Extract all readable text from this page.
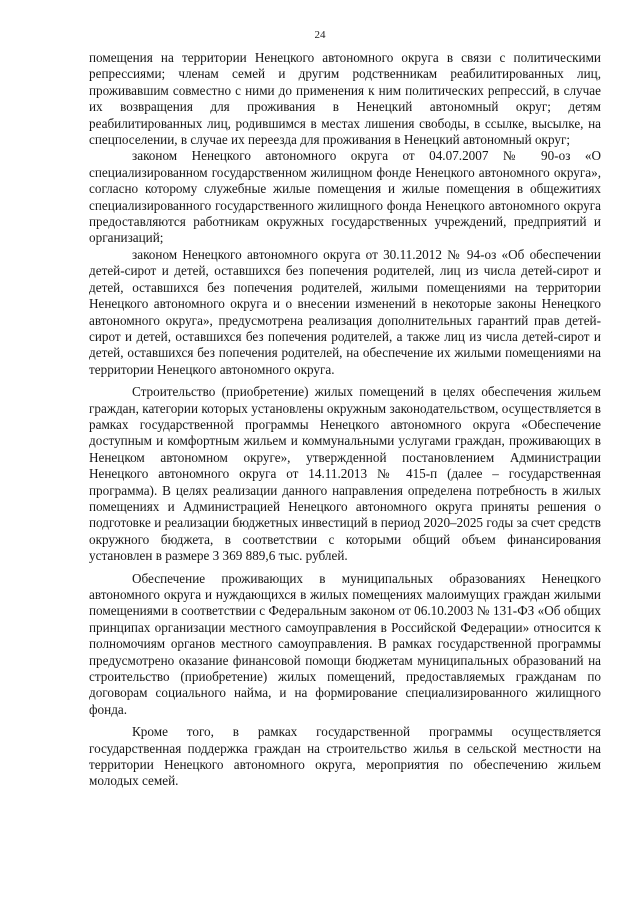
24

помещения на территории Ненецкого автономного округа в связи с политическими репрессиями; членам семей и другим родственникам реабилитированных лиц, проживавшим совместно с ними до применения к ним политических репрессий, в случае их возвращения для проживания в Ненецкий автономный округ; детям реабилитированных лиц, родившимся в местах лишения свободы, в ссылке, высылке, на спецпоселении, в случае их переезда для проживания в Ненецкий автономный округ;

законом Ненецкого автономного округа от 04.07.2007 № 90-оз «О специализированном государственном жилищном фонде Ненецкого автономного округа», согласно которому служебные жилые помещения и жилые помещения в общежитиях специализированного государственного жилищного фонда Ненецкого автономного округа предоставляются работникам окружных государственных учреждений, предприятий и организаций;

законом Ненецкого автономного округа от 30.11.2012 № 94-оз «Об обеспечении детей-сирот и детей, оставшихся без попечения родителей, лиц из числа детей-сирот и детей, оставшихся без попечения родителей, жилыми помещениями на территории Ненецкого автономного округа и о внесении изменений в некоторые законы Ненецкого автономного округа», предусмотрена реализация дополнительных гарантий прав детей-сирот и детей, оставшихся без попечения родителей, а также лиц из числа детей-сирот и детей, оставшихся без попечения родителей, на обеспечение их жилыми помещениями на территории Ненецкого автономного округа.

Строительство (приобретение) жилых помещений в целях обеспечения жильем граждан, категории которых установлены окружным законодательством, осуществляется в рамках государственной программы Ненецкого автономного округа «Обеспечение доступным и комфортным жильем и коммунальными услугами граждан, проживающих в Ненецком автономном округе», утвержденной постановлением Администрации Ненецкого автономного округа от 14.11.2013 № 415-п (далее – государственная программа). В целях реализации данного направления определена потребность в жилых помещениях и Администрацией Ненецкого автономного округа приняты решения о подготовке и реализации бюджетных инвестиций в период 2020–2025 годы за счет средств окружного бюджета, в соответствии с которыми общий объем финансирования установлен в размере 3 369 889,6 тыс. рублей.

Обеспечение проживающих в муниципальных образованиях Ненецкого автономного округа и нуждающихся в жилых помещениях малоимущих граждан жилыми помещениями в соответствии с Федеральным законом от 06.10.2003 № 131-ФЗ «Об общих принципах организации местного самоуправления в Российской Федерации» относится к полномочиям органов местного самоуправления. В рамках государственной программы предусмотрено оказание финансовой помощи бюджетам муниципальных образований на строительство (приобретение) жилых помещений, предоставляемых гражданам по договорам социального найма, и на формирование специализированного жилищного фонда.

Кроме того, в рамках государственной программы осуществляется государственная поддержка граждан на строительство жилья в сельской местности на территории Ненецкого автономного округа, мероприятия по обеспечению жильем молодых семей.
